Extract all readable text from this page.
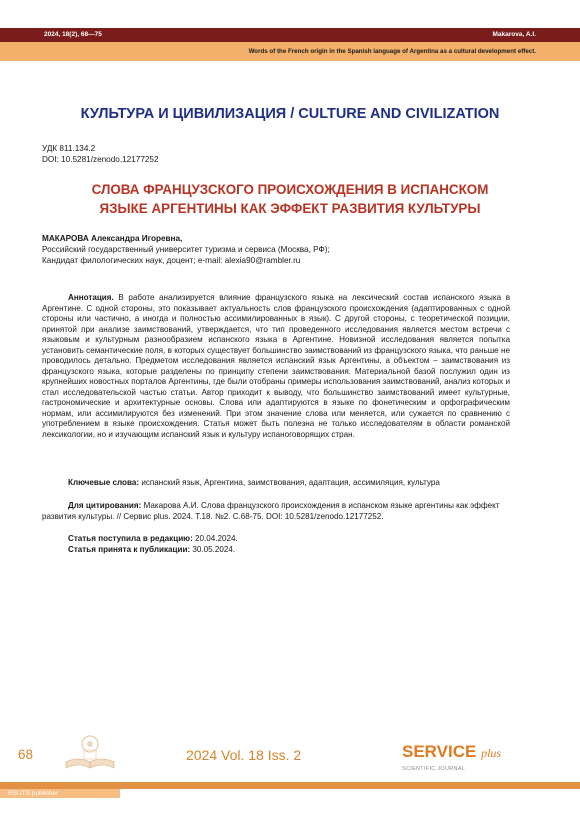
2024, 18(2), 68—75	Makarova, A.I.
Words of the French origin in the Spanish language of Argentina as a cultural development effect.
КУЛЬТУРА И ЦИВИЛИЗАЦИЯ / CULTURE AND CIVILIZATION
УДК 811.134.2
DOI: 10.5281/zenodo.12177252
СЛОВА ФРАНЦУЗСКОГО ПРОИСХОЖДЕНИЯ В ИСПАНСКОМ
ЯЗЫКЕ АРГЕНТИНЫ КАК ЭФФЕКТ РАЗВИТИЯ КУЛЬТУРЫ
МАКАРОВА Александра Игоревна,
Российский государственный университет туризма и сервиса (Москва, РФ);
Кандидат филологических наук, доцент; e-mail: alexia90@rambler.ru

Аннотация. В работе анализируется влияние французского языка на лексический состав испанского языка в Аргентине. С одной стороны, это показывает актуальность слов французского происхождения (адаптированных с одной стороны или частично, а иногда и полностью ассимилированных в язык). С другой стороны, с теоретической позиции, принятой при анализе заимствований, утверждается, что тип проведенного исследования является местом встречи с языковым и культурным разнообразием испанского языка в Аргентине. Новизной исследования является попытка установить семантические поля, в которых существует большинство заимствований из французского языка, что раньше не проводилось детально. Предметом исследования является испанский язык Аргентины, а объектом – заимствования из французского языка, которые разделены по принципу степени заимствования. Материальной базой послужил один из крупнейших новостных порталов Аргентины, где были отобраны примеры использования заимствований, анализ которых и стал исследовательской частью статьи. Автор приходит к выводу, что большинство заимствований имеет культурные, гастрономические и архитектурные основы. Слова или адаптируются в языке по фонетическим и орфографическим нормам, или ассимилируются без изменений. При этом значение слова или меняется, или сужается по сравнению с употреблением в языке происхождения. Статья может быть полезна не только исследователям в области романской лексикологии, но и изучающим испанский язык и культуру испаноговорящих стран.

Ключевые слова: испанский язык, Аргентина, заимствования, адаптация, ассимиляция, культура

Для цитирования: Макарова А.И. Слова французского происхождения в испанском языке аргентины как эффект развития культуры. // Сервис plus. 2024. Т.18. №2. С.68-75. DOI: 10.5281/zenodo.12177252.

Статья поступила в редакцию: 20.04.2024.
Статья принята к публикации: 30.05.2024.
68	2024 Vol. 18 Iss. 2	SERVICE plus
SCIENTIFIC JOURNAL
RSUTS publisher
